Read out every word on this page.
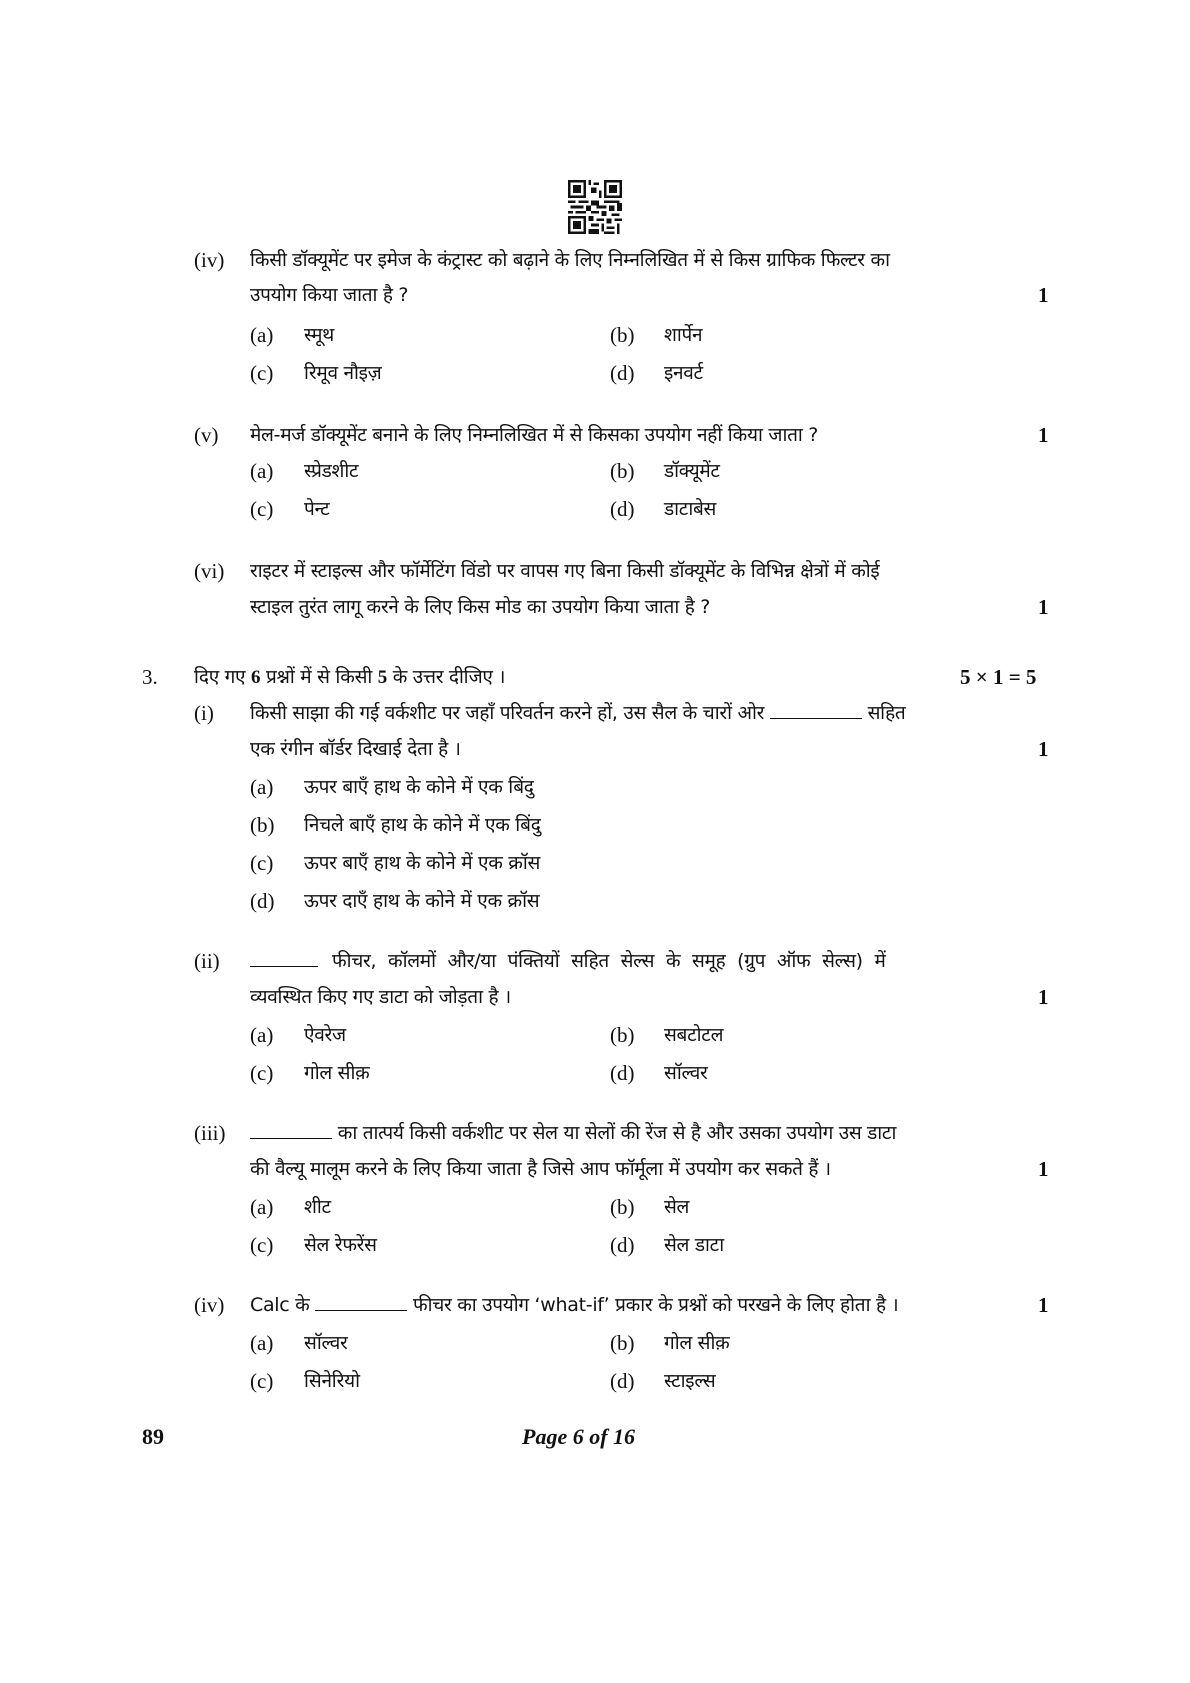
(iv) किसी डॉक्यूमेंट पर इमेज के कंट्रास्ट को बढ़ाने के लिए निम्नलिखित में से किस ग्राफिक फिल्टर का
उपयोग किया जाता है ?	1
(a) स्मूथ	(b) शार्पेन
(c) रिमूव नौइज़	(d) इनवर्ट
(v) मेल-मर्ज डॉक्यूमेंट बनाने के लिए निम्नलिखित में से किसका उपयोग नहीं किया जाता ?	1
(a) स्प्रेडशीट	(b) डॉक्यूमेंट
(c) पेन्ट	(d) डाटाबेस
(vi) राइटर में स्टाइल्स और फॉर्मेटिंग विंडो पर वापस गए बिना किसी डॉक्यूमेंट के विभिन्न क्षेत्रों में कोई
स्टाइल तुरंत लागू करने के लिए किस मोड का उपयोग किया जाता है ?	1
3. दिए गए 6 प्रश्नों में से किसी 5 के उत्तर दीजिए ।	5 × 1 = 5
(i) किसी साझा की गई वर्कशीट पर जहाँ परिवर्तन करने हों, उस सैल के चारों ओर	सहित
एक रंगीन बॉर्डर दिखाई देता है ।	1
(a) ऊपर बाएँ हाथ के कोने में एक बिंदु
(b) निचले बाएँ हाथ के कोने में एक बिंदु
(c) ऊपर बाएँ हाथ के कोने में एक क्रॉस
(d) ऊपर दाएँ हाथ के कोने में एक क्रॉस
(ii)	फीचर, कॉलमों और/या पंक्तियों सहित सेल्स के समूह (ग्रुप ऑफ सेल्स) में
व्यवस्थित किए गए डाटा को जोड़ता है ।	1
(a) ऐवरेज	(b) सबटोटल
(c) गोल सीक़	(d) सॉल्वर
(iii)	का तात्पर्य किसी वर्कशीट पर सेल या सेलों की रेंज से है और उसका उपयोग उस डाटा
की वैल्यू मालूम करने के लिए किया जाता है जिसे आप फॉर्मूला में उपयोग कर सकते हैं ।	1
(a) शीट	(b) सेल
(c) सेल रेफरेंस	(d) सेल डाटा
(iv) Calc के	फीचर का उपयोग ‘what-if’ प्रकार के प्रश्नों को परखने के लिए होता है ।	1
(a) सॉल्वर	(b) गोल सीक़
(c) सिनेरियो	(d) स्टाइल्स
89	Page 6 of 16
